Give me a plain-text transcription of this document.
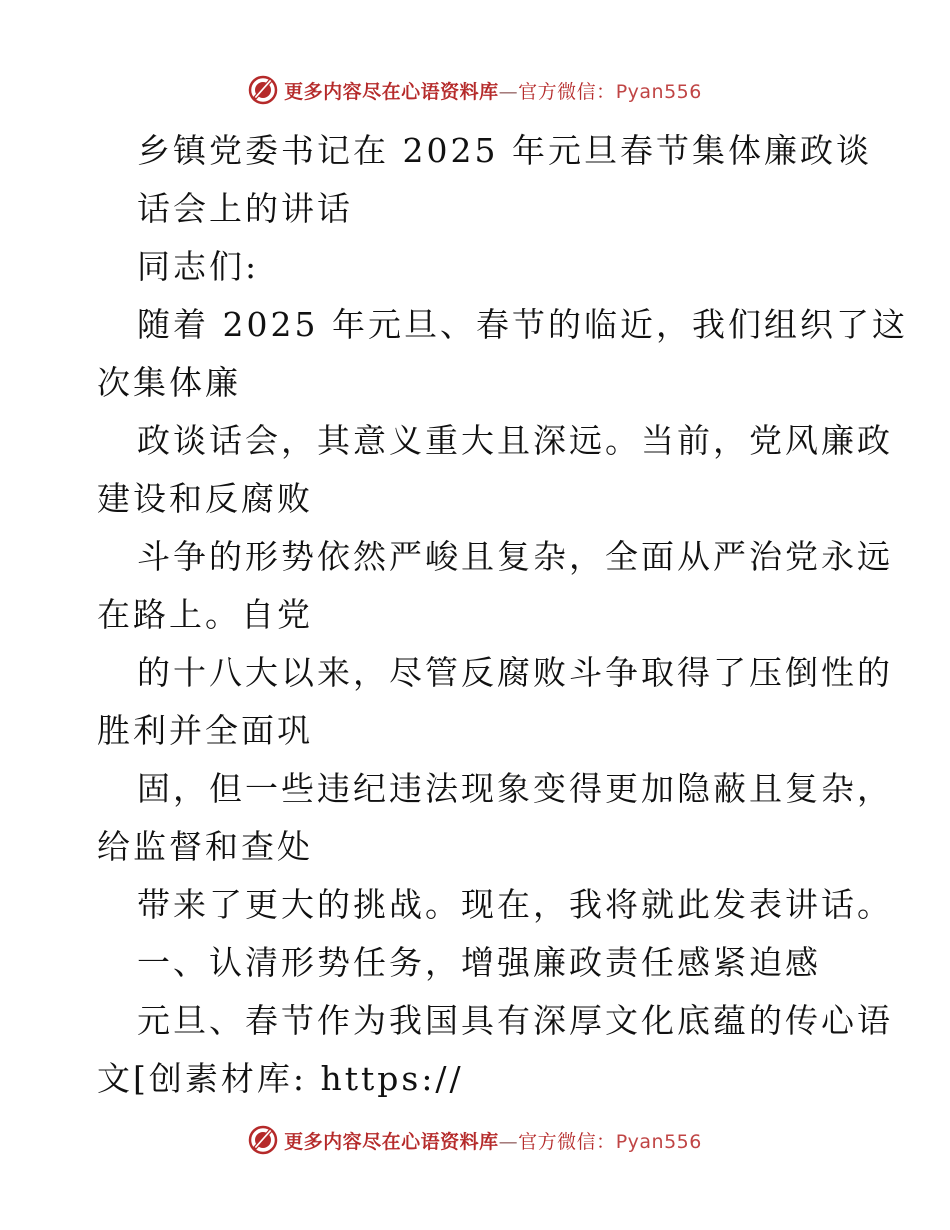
更多内容尽在心语资料库—官方微信：Pyan556
乡镇党委书记在 2025 年元旦春节集体廉政谈
话会上的讲话
同志们:
随着 2025 年元旦、春节的临近，我们组织了这
次集体廉
政谈话会，其意义重大且深远。当前，党风廉政
建设和反腐败
斗争的形势依然严峻且复杂，全面从严治党永远
在路上。自党
的十八大以来，尽管反腐败斗争取得了压倒性的
胜利并全面巩
固，但一些违纪违法现象变得更加隐蔽且复杂，
给监督和查处
带来了更大的挑战。现在，我将就此发表讲话。
一、认清形势任务，增强廉政责任感紧迫感
元旦、春节作为我国具有深厚文化底蕴的传心语
文[创素材库: https://
更多内容尽在心语资料库—官方微信：Pyan556
